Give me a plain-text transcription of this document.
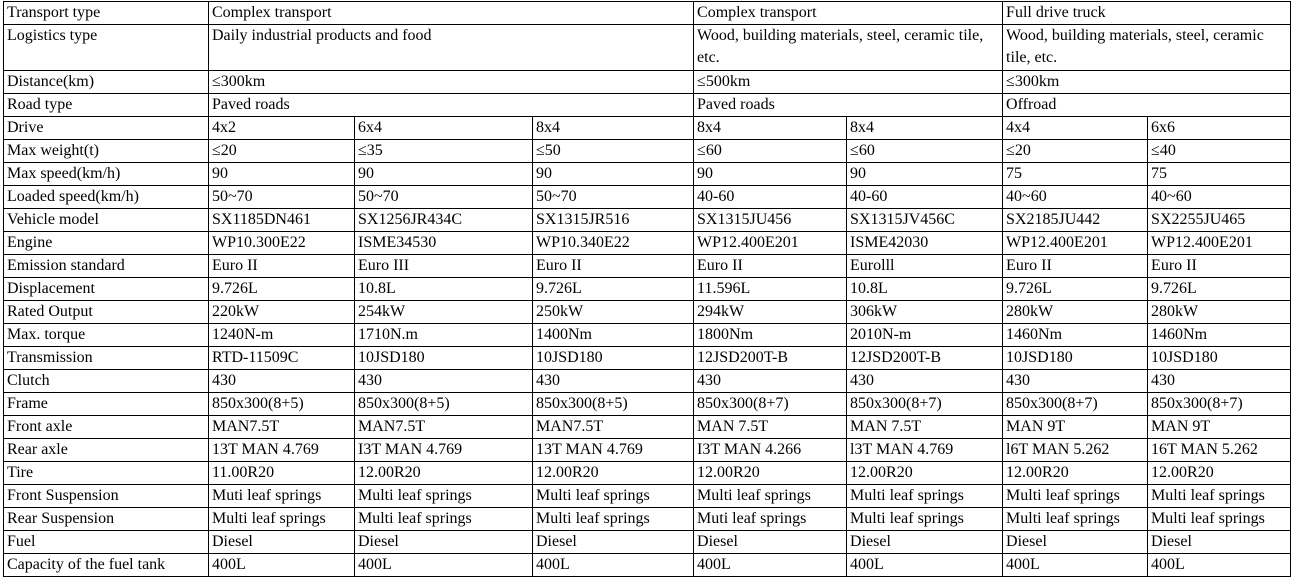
Transport type	Complex transport			Complex transport		Full drive truck	
Logistics type	Daily industrial products and food			Wood, building materials, steel, ceramic tile, etc.		Wood, building materials, steel, ceramic tile, etc.	
Distance(km)	≤300km			≤500km		≤300km	
Road type	Paved roads			Paved roads		Offroad	
Drive	4x2	6x4	8x4	8x4	8x4	4x4	6x6
Max weight(t)	≤20	≤35	≤50	≤60	≤60	≤20	≤40
Max speed(km/h)	90	90	90	90	90	75	75
Loaded speed(km/h)	50~70	50~70	50~70	40-60	40-60	40~60	40~60
Vehicle model	SX1185DN461	SX1256JR434C	SX1315JR516	SX1315JU456	SX1315JV456C	SX2185JU442	SX2255JU465
Engine	WP10.300E22	ISME34530	WP10.340E22	WP12.400E201	ISME42030	WP12.400E201	WP12.400E201
Emission standard	Euro II	Euro III	Euro II	Euro II	Eurolll	Euro II	Euro II
Displacement	9.726L	10.8L	9.726L	11.596L	10.8L	9.726L	9.726L
Rated Output	220kW	254kW	250kW	294kW	306kW	280kW	280kW
Max. torque	1240N-m	1710N.m	1400Nm	1800Nm	2010N-m	1460Nm	1460Nm
Transmission	RTD-11509C	10JSD180	10JSD180	12JSD200T-B	12JSD200T-B	10JSD180	10JSD180
Clutch	430	430	430	430	430	430	430
Frame	850x300(8+5)	850x300(8+5)	850x300(8+5)	850x300(8+7)	850x300(8+7)	850x300(8+7)	850x300(8+7)
Front axle	MAN7.5T	MAN7.5T	MAN7.5T	MAN 7.5T	MAN 7.5T	MAN 9T	MAN 9T
Rear axle	13T MAN 4.769	I3T MAN 4.769	13T MAN 4.769	I3T MAN 4.266	l3T MAN 4.769	l6T MAN 5.262	16T MAN 5.262
Tire	11.00R20	12.00R20	12.00R20	12.00R20	12.00R20	12.00R20	12.00R20
Front Suspension	Muti leaf springs	Multi leaf springs	Multi leaf springs	Multi leaf springs	Multi leaf springs	Multi leaf springs	Multi leaf springs
Rear Suspension	Multi leaf springs	Multi leaf springs	Multi leaf springs	Muti leaf springs	Multi leaf springs	Multi leaf springs	Multi leaf springs
Fuel	Diesel	Diesel	Diesel	Diesel	Diesel	Diesel	Diesel
Capacity of the fuel tank	400L	400L	400L	400L	400L	400L	400L
